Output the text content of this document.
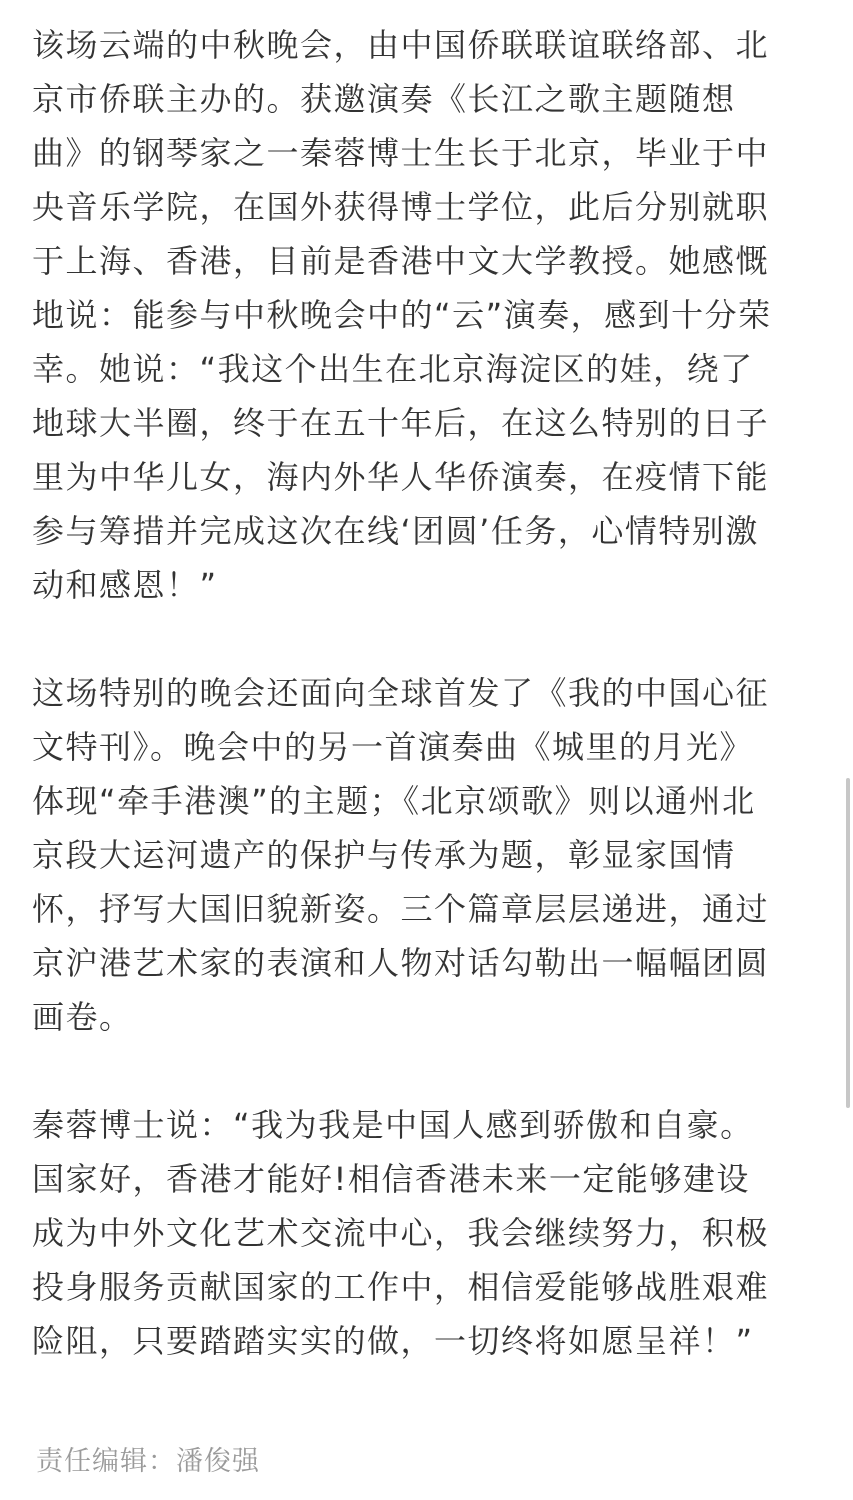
该场云端的中秋晚会，由中国侨联联谊联络部、北
京市侨联主办的。获邀演奏《长江之歌主题随想
曲》的钢琴家之一秦蓉博士生长于北京，毕业于中
央音乐学院，在国外获得博士学位，此后分别就职
于上海、香港，目前是香港中文大学教授。她感慨
地说：能参与中秋晚会中的“云”演奏，感到十分荣
幸。她说：“我这个出生在北京海淀区的娃，绕了
地球大半圈，终于在五十年后，在这么特别的日子
里为中华儿女，海内外华人华侨演奏，在疫情下能
参与筹措并完成这次在线‘团圆’任务，心情特别激
动和感恩！”

这场特别的晚会还面向全球首发了《我的中国心征
文特刊》。晚会中的另一首演奏曲《城里的月光》
体现“牵手港澳”的主题；《北京颂歌》则以通州北
京段大运河遗产的保护与传承为题，彰显家国情
怀，抒写大国旧貌新姿。三个篇章层层递进，通过
京沪港艺术家的表演和人物对话勾勒出一幅幅团圆
画卷。

秦蓉博士说：“我为我是中国人感到骄傲和自豪。
国家好，香港才能好!相信香港未来一定能够建设
成为中外文化艺术交流中心，我会继续努力，积极
投身服务贡献国家的工作中，相信爱能够战胜艰难
险阻，只要踏踏实实的做，一切终将如愿呈祥！”

责任编辑：潘俊强
